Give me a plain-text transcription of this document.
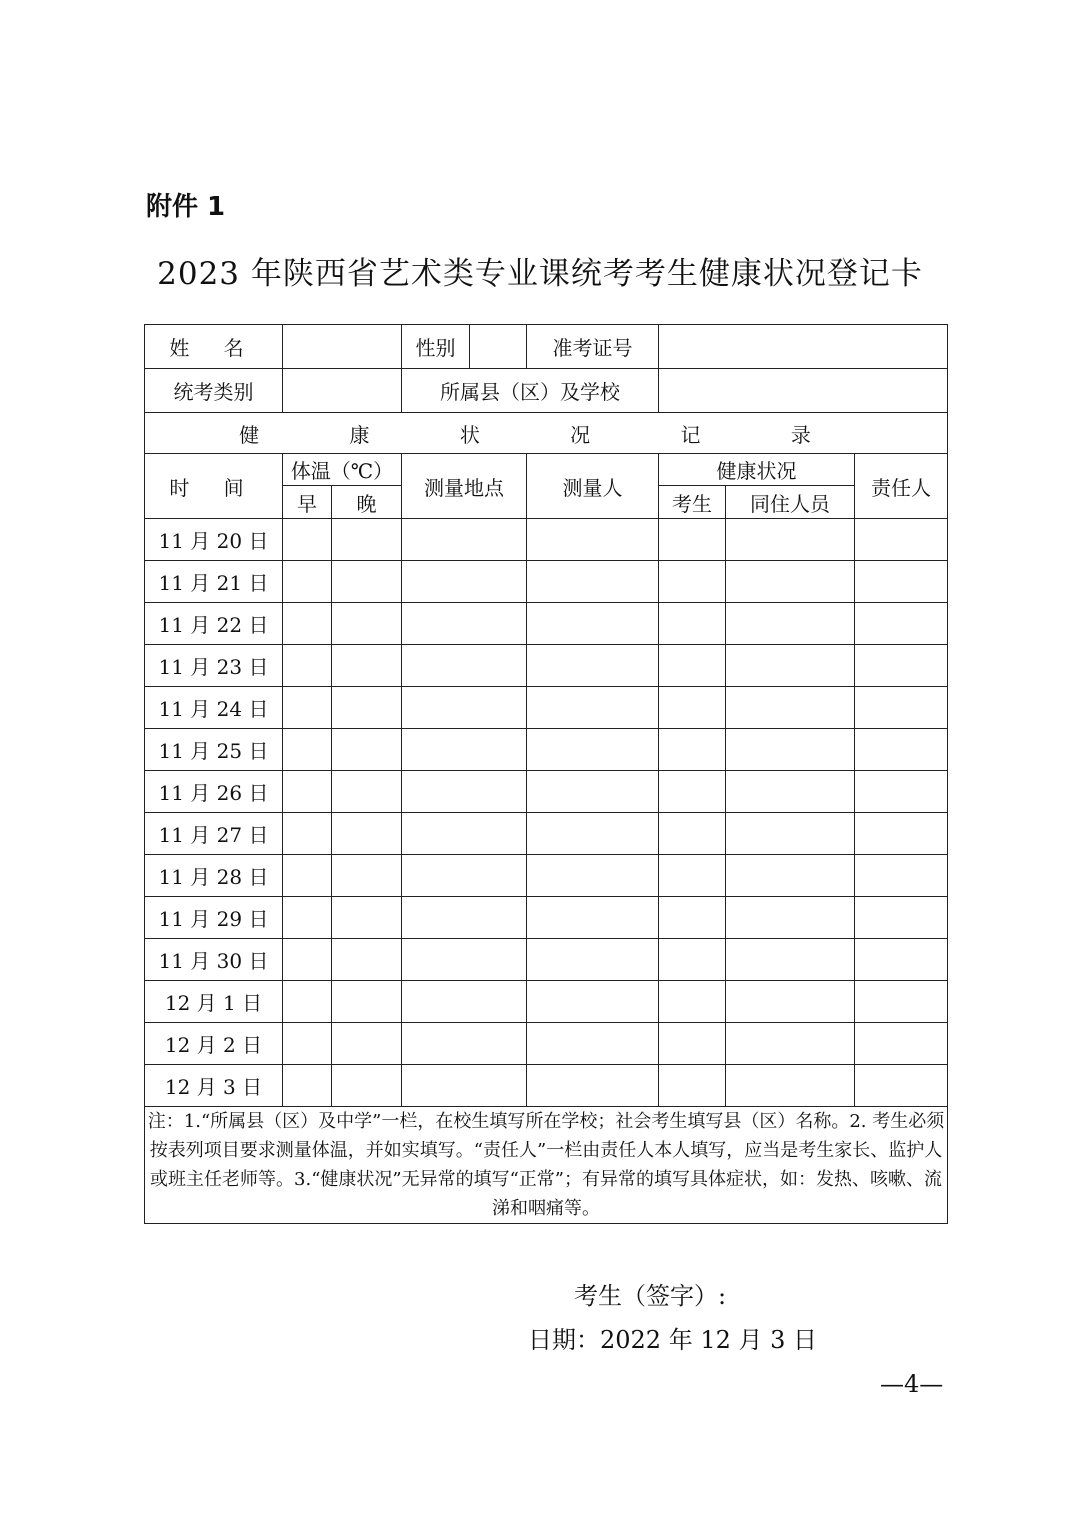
附件 1
2023 年陕西省艺术类专业课统考考生健康状况登记卡
姓 名			性别		准考证号			
统考类别			所属县（区）及学校					
健 康 状 况 记 录								
时 间	体温（℃）		测量地点		测量人	健康状况		责任人
	早	晚				考生	同住人员	
11 月 20 日								
11 月 21 日								
11 月 22 日								
11 月 23 日								
11 月 24 日								
11 月 25 日								
11 月 26 日								
11 月 27 日								
11 月 28 日								
11 月 29 日								
11 月 30 日								
12 月 1 日								
12 月 2 日								
12 月 3 日								
注：1.“所属县（区）及中学”一栏，在校生填写所在学校；社会考生填写县（区）名称。2. 考生必须按表列项目要求测量体温，并如实填写。“责任人”一栏由责任人本人填写，应当是考生家长、监护人或班主任老师等。3.“健康状况”无异常的填写“正常”；有异常的填写具体症状，如：发热、咳嗽、流涕和咽痛等。								
考生（签字）:
日期：2022 年 12 月 3 日
—4—
